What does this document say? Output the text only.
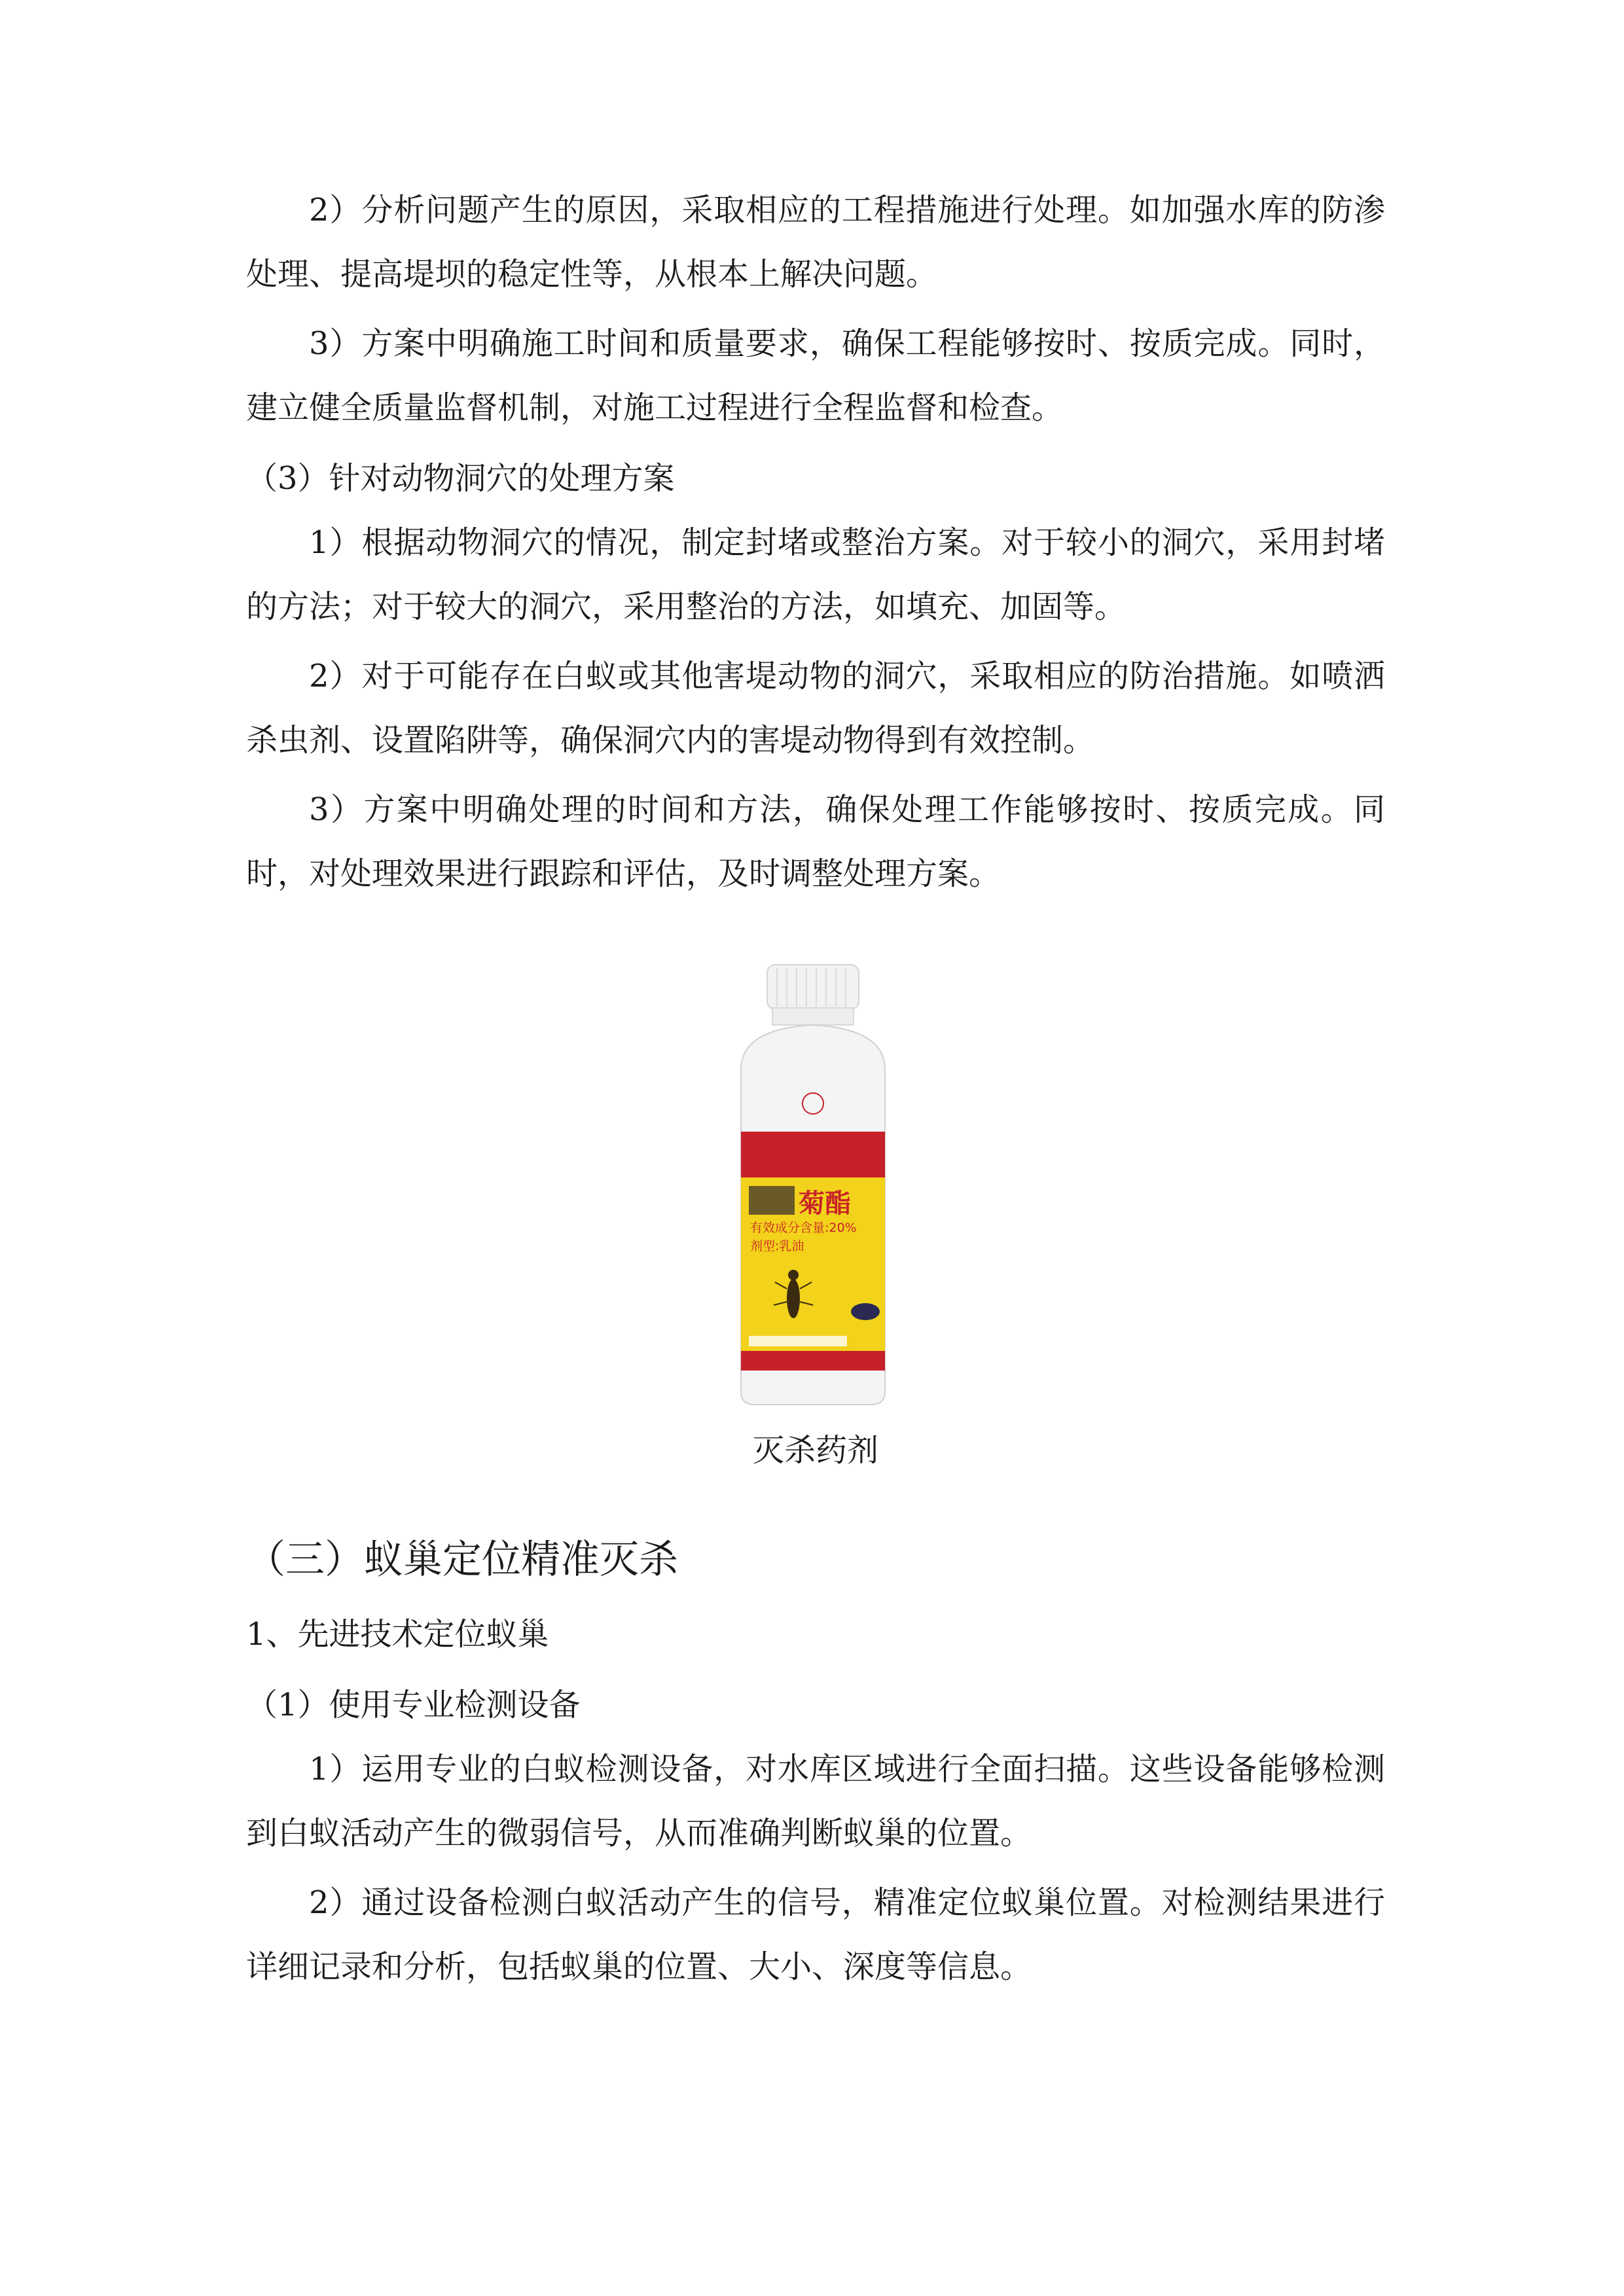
2）分析问题产生的原因，采取相应的工程措施进行处理。如加强水库的防渗处理、提高堤坝的稳定性等，从根本上解决问题。

3）方案中明确施工时间和质量要求，确保工程能够按时、按质完成。同时，建立健全质量监督机制，对施工过程进行全程监督和检查。

（3）针对动物洞穴的处理方案

1）根据动物洞穴的情况，制定封堵或整治方案。对于较小的洞穴，采用封堵的方法；对于较大的洞穴，采用整治的方法，如填充、加固等。

2）对于可能存在白蚁或其他害堤动物的洞穴，采取相应的防治措施。如喷洒杀虫剂、设置陷阱等，确保洞穴内的害堤动物得到有效控制。

3）方案中明确处理的时间和方法，确保处理工作能够按时、按质完成。同时，对处理效果进行跟踪和评估，及时调整处理方案。

菊酯
有效成分含量:20%
剂型:乳油
灭杀药剂

（三）蚁巢定位精准灭杀

1、先进技术定位蚁巢

（1）使用专业检测设备

1）运用专业的白蚁检测设备，对水库区域进行全面扫描。这些设备能够检测到白蚁活动产生的微弱信号，从而准确判断蚁巢的位置。

2）通过设备检测白蚁活动产生的信号，精准定位蚁巢位置。对检测结果进行详细记录和分析，包括蚁巢的位置、大小、深度等信息。
